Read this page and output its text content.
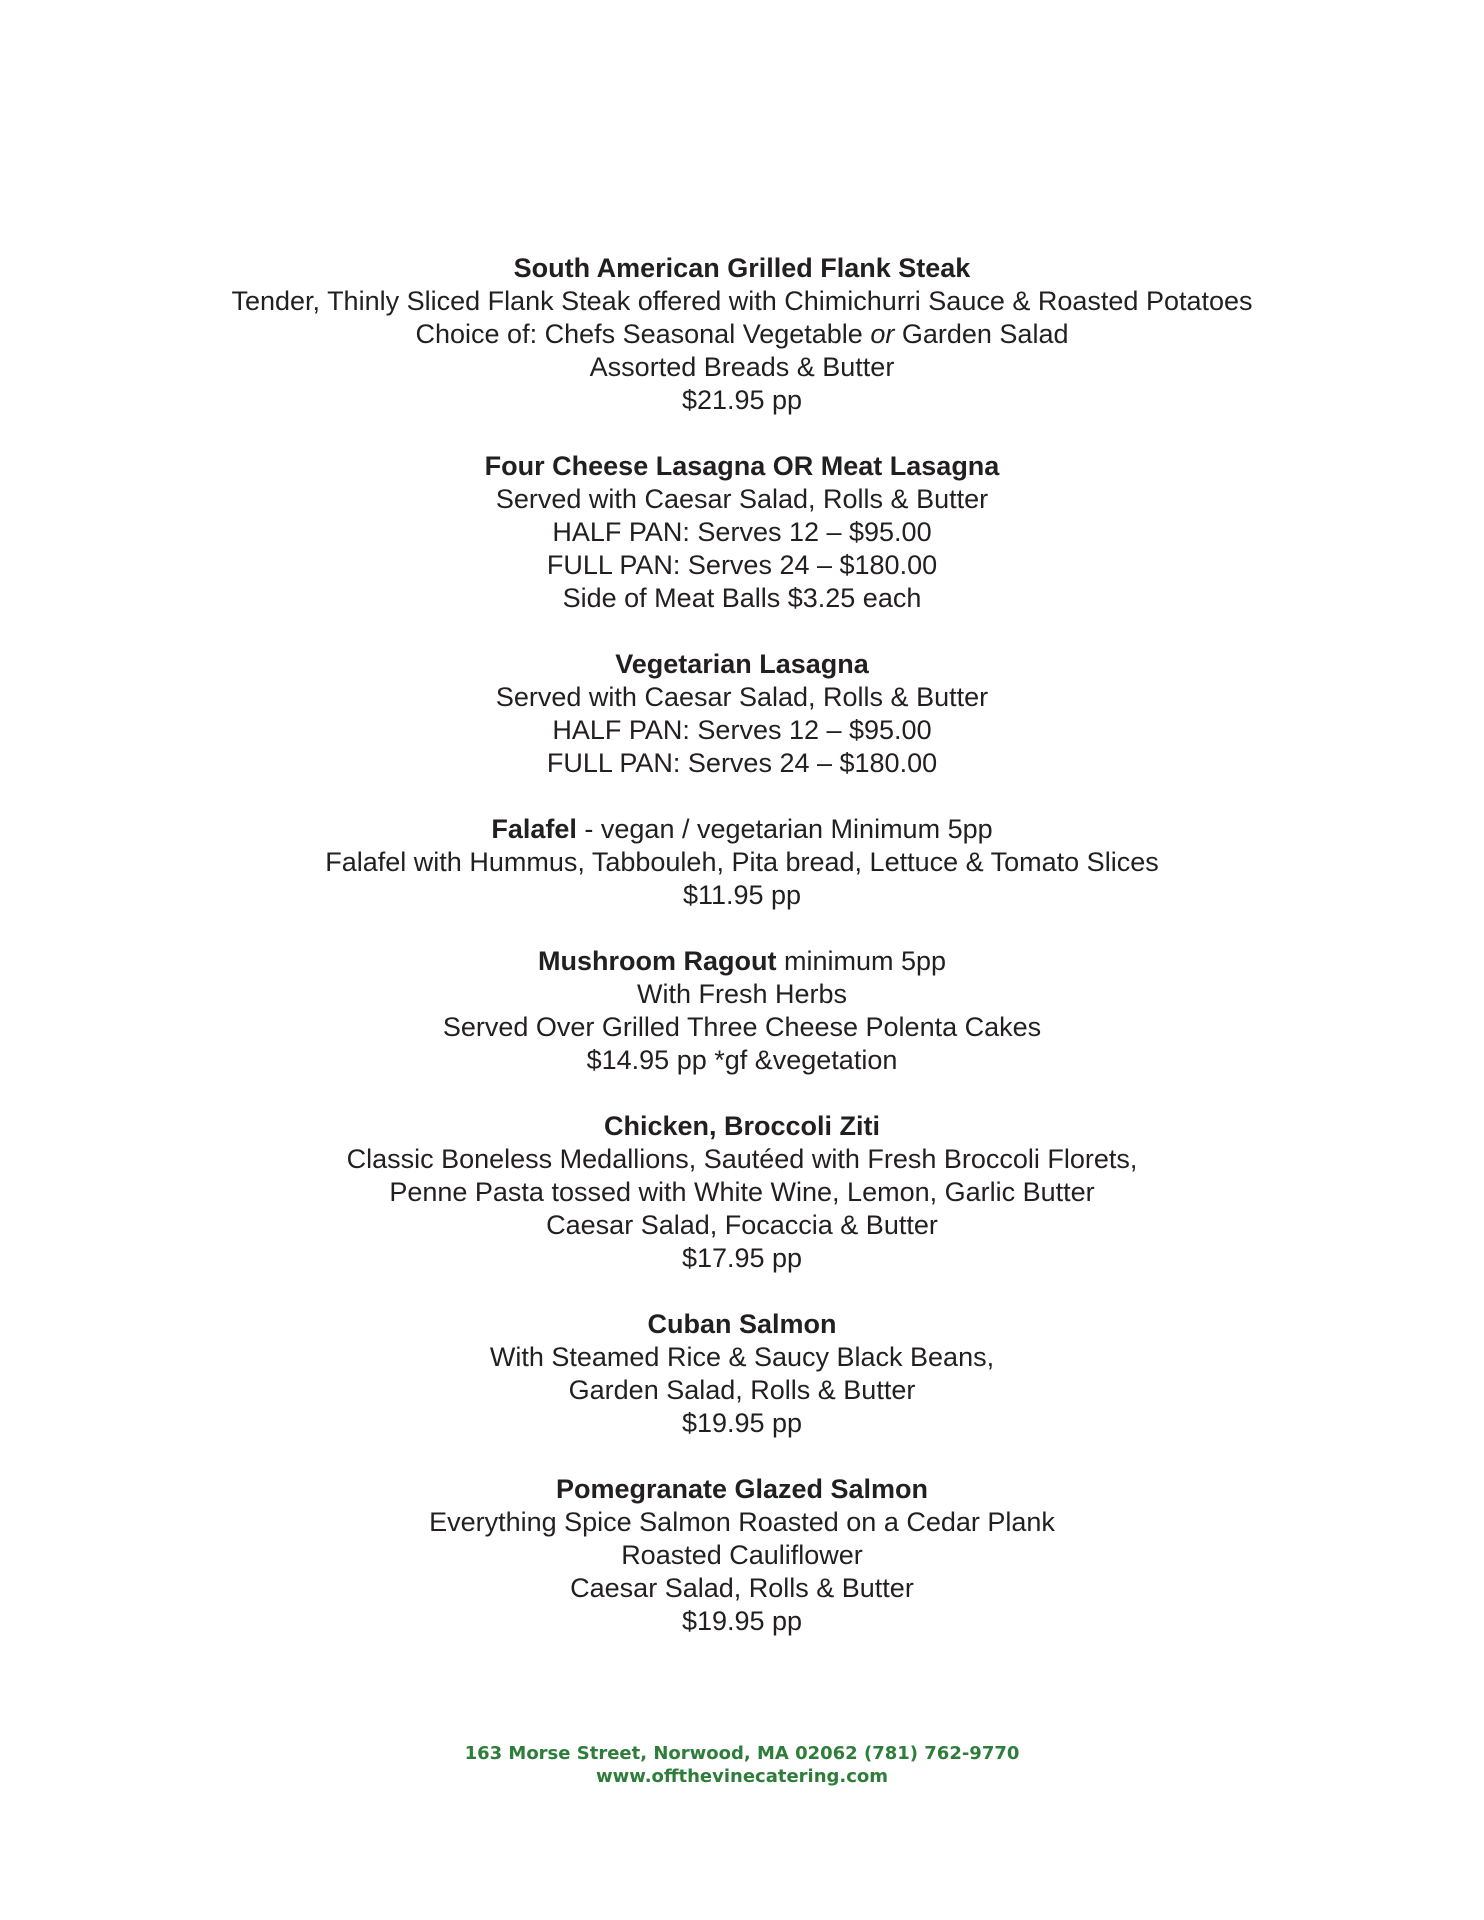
South American Grilled Flank Steak
Tender, Thinly Sliced Flank Steak offered with Chimichurri Sauce & Roasted Potatoes
Choice of: Chefs Seasonal Vegetable or Garden Salad
Assorted Breads & Butter
$21.95 pp
Four Cheese Lasagna OR Meat Lasagna
Served with Caesar Salad, Rolls & Butter
HALF PAN: Serves 12 – $95.00
FULL PAN: Serves 24 – $180.00
Side of Meat Balls $3.25 each
Vegetarian Lasagna
Served with Caesar Salad, Rolls & Butter
HALF PAN: Serves 12 – $95.00
FULL PAN: Serves 24 – $180.00
Falafel - vegan / vegetarian Minimum 5pp
Falafel with Hummus, Tabbouleh, Pita bread, Lettuce & Tomato Slices
$11.95 pp
Mushroom Ragout minimum 5pp
With Fresh Herbs
Served Over Grilled Three Cheese Polenta Cakes
$14.95 pp *gf &vegetation
Chicken, Broccoli Ziti
Classic Boneless Medallions, Sautéed with Fresh Broccoli Florets,
Penne Pasta tossed with White Wine, Lemon, Garlic Butter
Caesar Salad, Focaccia & Butter
$17.95 pp
Cuban Salmon
With Steamed Rice & Saucy Black Beans,
Garden Salad, Rolls & Butter
$19.95 pp
Pomegranate Glazed Salmon
Everything Spice Salmon Roasted on a Cedar Plank
Roasted Cauliflower
Caesar Salad, Rolls & Butter
$19.95 pp
163 Morse Street, Norwood, MA 02062 (781) 762-9770
www.offthevinecatering.com
